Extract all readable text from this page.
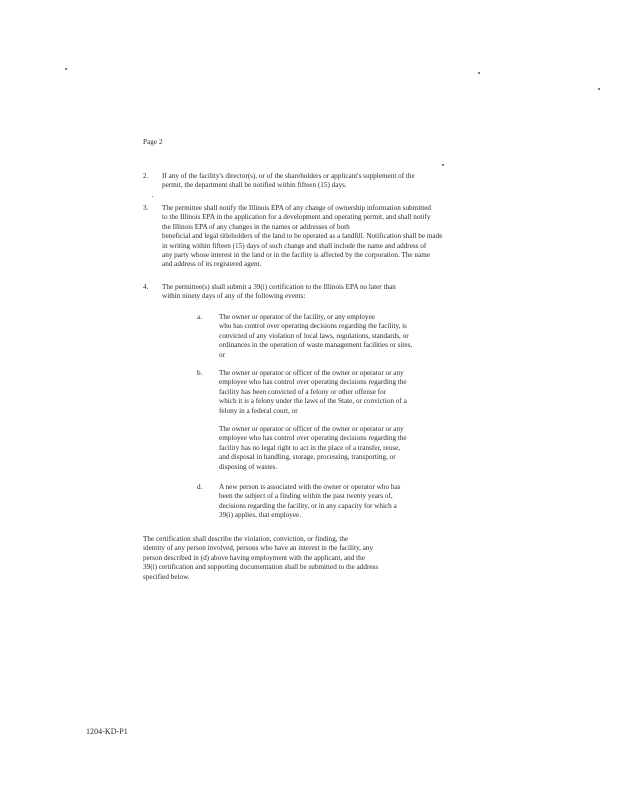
Page 2
2. If any of the facility's director(s), or of the shareholders or applicant's supplement of the
permit, the department shall be notified within fifteen (15) days.
3. The permittee shall notify the Illinois EPA of any change of ownership information submitted
to the Illinois EPA in the application for a development and operating permit, and shall notify
the Illinois EPA of any changes in the names or addresses of both
beneficial and legal titleholders of the land to be operated as a landfill. Notification shall be made
in writing within fifteen (15) days of such change and shall include the name and address of
any party whose interest in the land or in the facility is affected by the corporation. The name
and address of its registered agent.
4. The permittee(s) shall submit a 39(i) certification to the Illinois EPA no later than
within ninety days of any of the following events:
a. The owner or operator of the facility, or any employee
who has control over operating decisions regarding the facility, is
convicted of any violation of local laws, regulations, standards, or
ordinances in the operation of waste management facilities or sites,
or
b. The owner or operator or officer of the owner or operator or any
employee who has control over operating decisions regarding the
facility has been convicted of a felony or other offense for
which it is a felony under the laws of the State, or conviction of a
felony in a federal court, or
The owner or operator or officer of the owner or operator or any
employee who has control over operating decisions regarding the
facility has no legal right to act in the place of a transfer, reuse,
and disposal in handling, storage, processing, transporting, or
disposing of wastes.
d. A new person is associated with the owner or operator who has
been the subject of a finding within the past twenty years of,
decisions regarding the facility, or in any capacity for which a
39(i) applies, that employee.
The certification shall describe the violation, conviction, or finding, the
identity of any person involved, persons who have an interest in the facility, any
person described in (d) above having employment with the applicant, and the
39(i) certification and supporting documentation shall be submitted to the address
specified below.
1204-KD-P1
